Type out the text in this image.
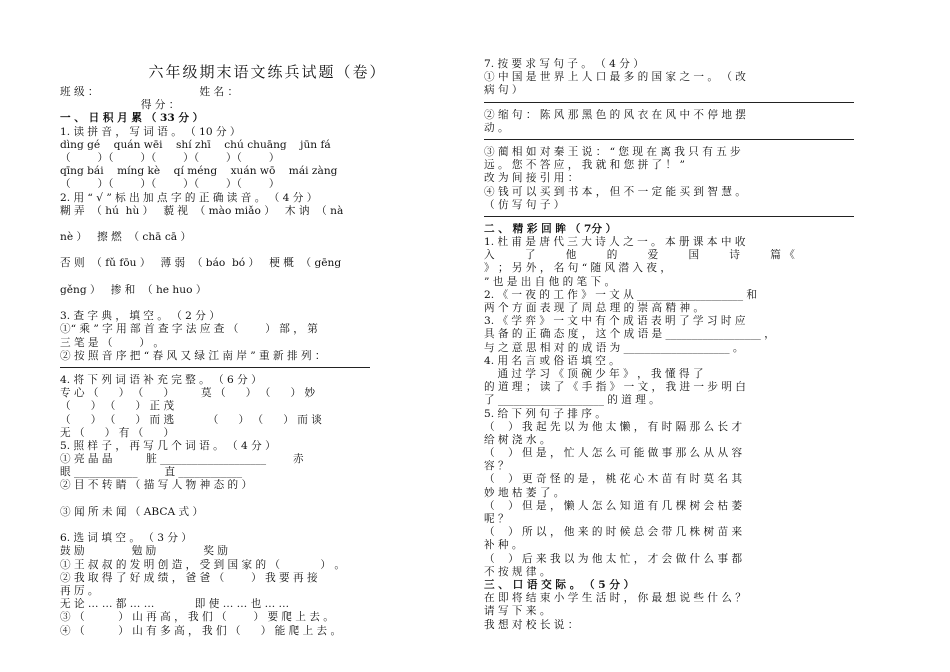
六年级期末语文练兵试题（卷）
班 级 ：                              姓 名 ：
得 分 ：
一 、 日 积 月 累 （ 33 分 ）
1. 读 拼 音 ， 写 词 语 。 （ 10 分 ）
dìng gé    quán wēi    shí zhī    chú chuāng    jūn fá
（        ）（        ）（        ）（        ）（        ）
qīng bái    míng kè    qí méng    xuán wō    mái zàng
（        ）（        ）（        ）（        ）（        ）
2. 用 “ √ ” 标 出 加 点 字 的 正 确 读 音 。 （ 4 分 ）
糊 弄  （ hú  hù ）   藐 视  （ mào miǎo ）   木 讷  （ nà
nè ）   擦 燃  （ chā cā ）
否 则  （ fǔ fōu ）   薄 弱  （ báo  bó ）   梗 概  （ gēng
gěng ）   掺 和  （ he huo ）
3. 查 字 典 ， 填 空 。 （ 2 分 ）
①“ 乘 ” 字 用 部 首 查 字 法 应 查 （        ） 部 ， 第
三 笔 是 （        ） 。
② 按 照 音 序 把 “ 春 风 又 绿 江 南 岸 ” 重 新 排 列 ：
4. 将 下 列 词 语 补 充 完 整 。 （ 6 分 ）
专 心 （      ） （      ）        莫 （      ） （      ） 妙
（      ） （      ） 正 茂
（      ） （      ） 而 逃          （      ） （      ） 而 谈
无 （      ） 有 （      ）
5. 照 样 子 ， 再 写 几 个 词 语 。 （ 4 分 ）
① 亮 晶 晶          脏 ____________________        赤
眼 ____________        直 ____________
② 目 不 转 睛 （ 描 写 人 物 神 态 的 ）
③ 闻 所 未 闻 （ ABCA 式 ）
6. 选 词 填 空 。 （ 3 分 ）
鼓 励              勉 励              奖 励
① 王 叔 叔 的 发 明 创 造 ， 受 到 国 家 的 （            ） 。
② 我 取 得 了 好 成 绩 ， 爸 爸 （        ） 我 要 再 接
再 厉 。
无 论 … … 都 … …            即 使 … … 也 … …
③ （          ） 山 再 高 ， 我 们 （        ） 要 爬 上 去 。
④ （          ） 山 有 多 高 ， 我 们 （      ） 能 爬 上 去 。
7. 按 要 求 写 句 子 。 （ 4 分 ）
① 中 国 是 世 界 上 人 口 最 多 的 国 家 之 一 。 （ 改
病 句 ）
② 缩 句 ： 陈 风 那 黑 色 的 风 衣 在 风 中 不 停 地 摆
动 。
③ 蔺 相 如 对 秦 王 说 ： “ 您 现 在 离 我 只 有 五 步
远 。 您 不 答 应 ， 我 就 和 您 拼 了 ！ ”
改 为 间 接 引 用 ：
④ 钱 可 以 买 到 书 本 ， 但 不 一 定 能 买 到 智 慧 。
（ 仿 写 句 子 ）
二 、 精 彩 回 眸 （ 7分 ）
1. 杜 甫 是 唐 代 三 大 诗 人 之 一 。 本 册 课 本 中 收
入         了         他         的         爱         国         诗         篇 《
》 ； 另 外 ， 名 句 “ 随 风 潜 入 夜 ，
” 也 是 出 自 他 的 笔 下 。
2. 《 一 夜 的 工 作 》 一 文 从 ____________________ 和
两 个 方 面 表 现 了 周 总 理 的 崇 高 精 神 。
3. 《 学 弈 》 一 文 中 有 个 成 语 表 明 了 学 习 时 应
具 备 的 正 确 态 度 ， 这 个 成 语 是 __________________ ，
与 之 意 思 相 对 的 成 语 为 ____________________ 。
4. 用 名 言 或 俗 语 填 空 。
通 过 学 习 《 顶 碗 少 年 》 ， 我 懂 得 了
的 道 理 ； 读 了 《 手 指 》 一 文 ， 我 进 一 步 明 白
了 ____________________ 的 道 理 。
5. 给 下 列 句 子 排 序 。
（    ） 我 起 先 以 为 他 太 懒 ， 有 时 隔 那 么 长 才
给 树 浇 水 。
（    ） 但 是 ， 忙 人 怎 么 可 能 做 事 那 么 从 从 容
容 ？
（    ） 更 奇 怪 的 是 ， 桃 花 心 木 苗 有 时 莫 名 其
妙 地 枯 萎 了 。
（    ） 但 是 ， 懒 人 怎 么 知 道 有 几 棵 树 会 枯 萎
呢 ？
（    ） 所 以 ， 他 来 的 时 候 总 会 带 几 株 树 苗 来
补 种 。
（    ） 后 来 我 以 为 他 太 忙 ， 才 会 做 什 么 事 都
不 按 规 律 。
三 、 口 语 交 际 。 （ 5 分 ）
在 即 将 结 束 小 学 生 活 时 ， 你 最 想 说 些 什 么 ？
请 写 下 来 。
我 想 对 校 长 说 ：
